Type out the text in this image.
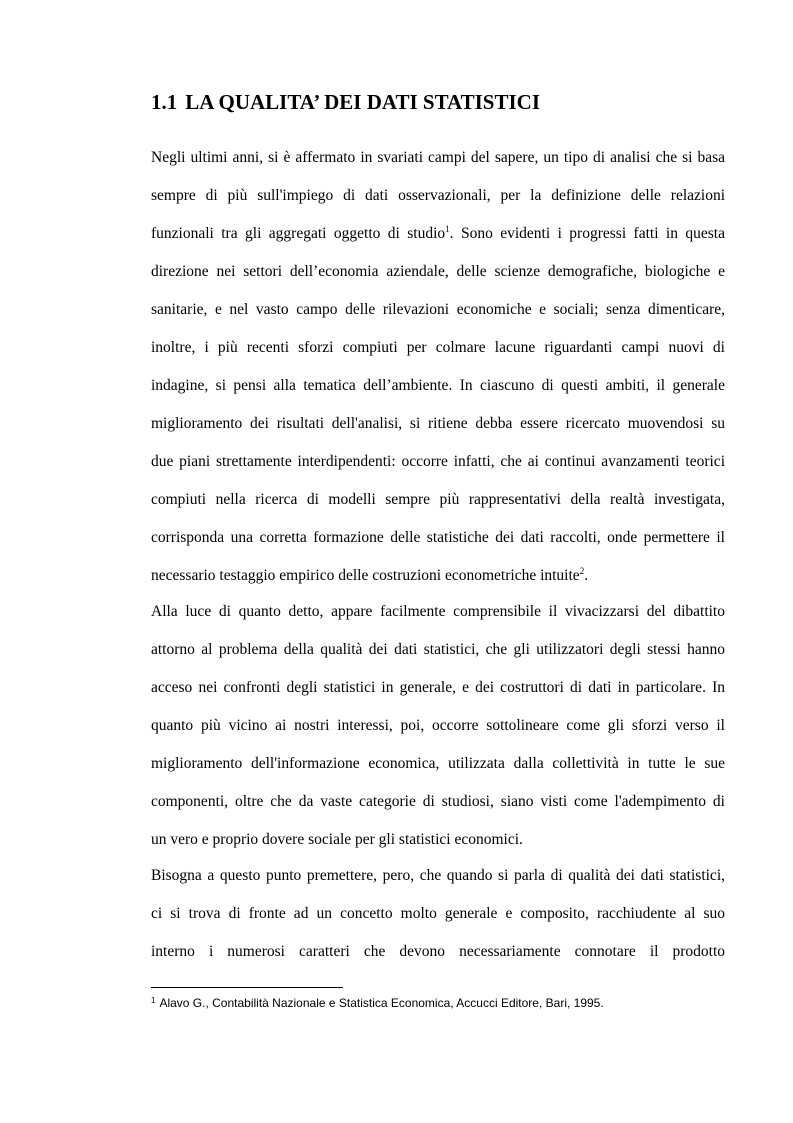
1.1 LA QUALITA’ DEI DATI STATISTICI
Negli ultimi anni, si è affermato in svariati campi del sapere, un tipo di analisi che si basa
sempre di più sull'impiego di dati osservazionali, per la definizione delle relazioni
funzionali tra gli aggregati oggetto di studio$^1$. Sono evidenti i progressi fatti in questa
direzione nei settori dell’economia aziendale, delle scienze demografiche, biologiche e
sanitarie, e nel vasto campo delle rilevazioni economiche e sociali; senza dimenticare,
inoltre, i più recenti sforzi compiuti per colmare lacune riguardanti campi nuovi di
indagine, si pensi alla tematica dell’ambiente. In ciascuno di questi ambiti, il generale
miglioramento dei risultati dell'analisi, si ritiene debba essere ricercato muovendosi su
due piani strettamente interdipendenti: occorre infatti, che ai continui avanzamenti teorici
compiuti nella ricerca di modelli sempre più rappresentativi della realtà investigata,
corrisponda una corretta formazione delle statistiche dei dati raccolti, onde permettere il
necessario testaggio empirico delle costruzioni econometriche intuite$^2$.
Alla luce di quanto detto, appare facilmente comprensibile il vivacizzarsi del dibattito
attorno al problema della qualità dei dati statistici, che gli utilizzatori degli stessi hanno
acceso nei confronti degli statistici in generale, e dei costruttori di dati in particolare. In
quanto più vicino ai nostri interessi, poi, occorre sottolineare come gli sforzi verso il
miglioramento dell'informazione economica, utilizzata dalla collettività in tutte le sue
componenti, oltre che da vaste categorie di studiosi, siano visti come l'adempimento di
un vero e proprio dovere sociale per gli statistici economici.
Bisogna a questo punto premettere, pero, che quando si parla di qualità dei dati statistici,
ci si trova di fronte ad un concetto molto generale e composito, racchiudente al suo
interno i numerosi caratteri che devono necessariamente connotare il prodotto
$^1$ Alavo G., Contabilità Nazionale e Statistica Economica, Accucci Editore, Bari, 1995.
